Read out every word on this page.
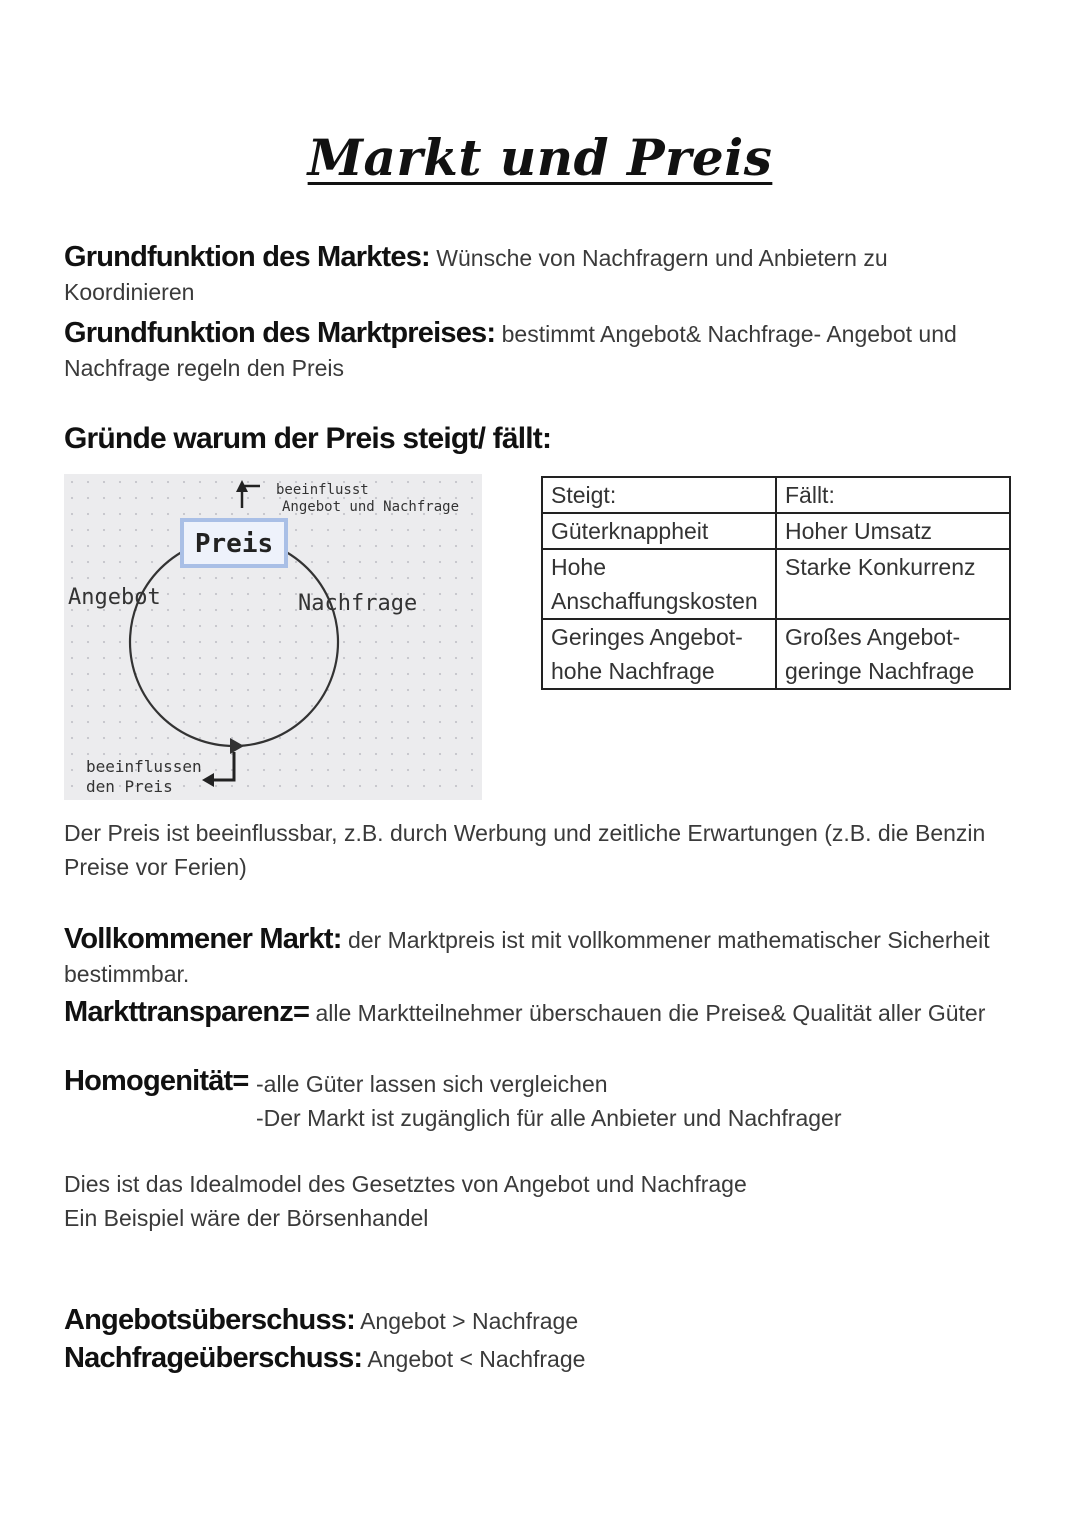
Markt und Preis
Grundfunktion des Marktes: Wünsche von Nachfragern und Anbietern zu Koordinieren
Grundfunktion des Marktpreises: bestimmt Angebot& Nachfrage- Angebot und Nachfrage regeln den Preis
Gründe warum der Preis steigt/ fällt:
Preis
beeinflusst
Angebot und Nachfrage
Angebot	Nachfrage
beeinflussen
den Preis
Steigt:	Fällt:
Güterknappheit	Hoher Umsatz
Hohe Anschaffungskosten	Starke Konkurrenz
Geringes Angebot- hohe Nachfrage	Großes Angebot- geringe Nachfrage
Der Preis ist beeinflussbar, z.B. durch Werbung und zeitliche Erwartungen (z.B. die Benzin Preise vor Ferien)
Vollkommener Markt: der Marktpreis ist mit vollkommener mathematischer Sicherheit bestimmbar.
Markttransparenz= alle Marktteilnehmer überschauen die Preise& Qualität aller Güter
Homogenität= -alle Güter lassen sich vergleichen
-Der Markt ist zugänglich für alle Anbieter und Nachfrager
Dies ist das Idealmodel des Gesetztes von Angebot und Nachfrage
Ein Beispiel wäre der Börsenhandel
Angebotsüberschuss: Angebot > Nachfrage
Nachfrageüberschuss: Angebot < Nachfrage
